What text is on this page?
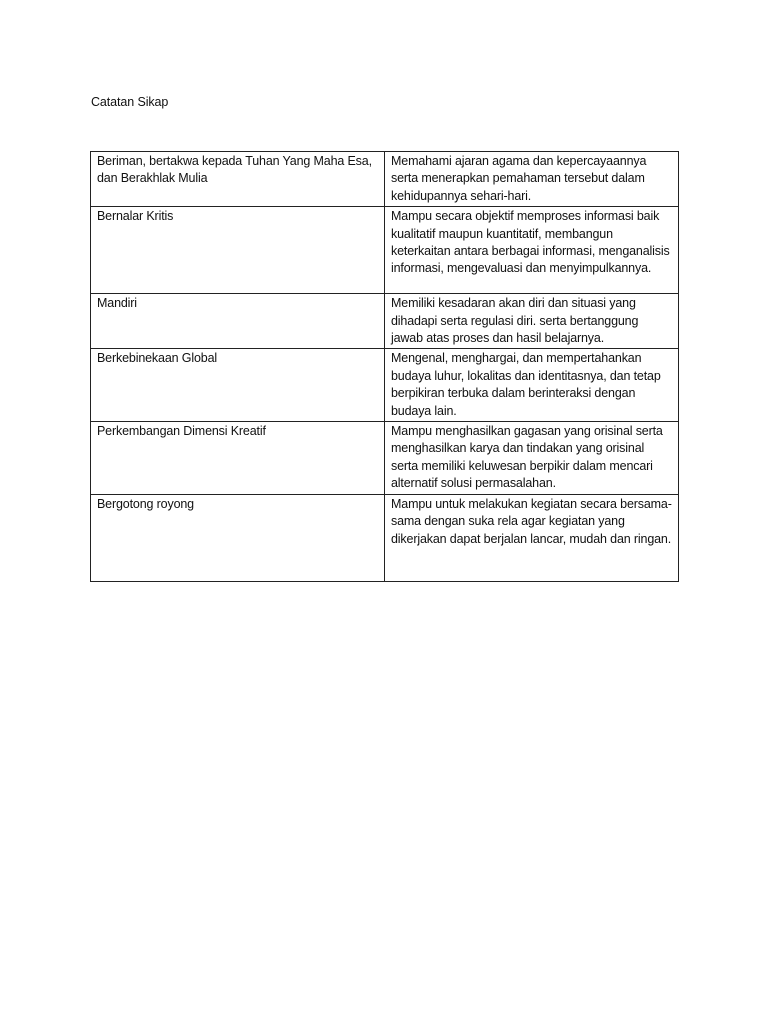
Catatan Sikap
Beriman, bertakwa kepada Tuhan Yang Maha Esa, dan Berakhlak Mulia	Memahami ajaran agama dan kepercayaannya serta menerapkan pemahaman tersebut dalam kehidupannya sehari-hari.
Bernalar Kritis	Mampu secara objektif memproses informasi baik kualitatif maupun kuantitatif, membangun keterkaitan antara berbagai informasi, menganalisis informasi, mengevaluasi dan menyimpulkannya.
Mandiri	Memiliki kesadaran akan diri dan situasi yang dihadapi serta regulasi diri. serta bertanggung jawab atas proses dan hasil belajarnya.
Berkebinekaan Global	Mengenal, menghargai, dan mempertahankan budaya luhur, lokalitas dan identitasnya, dan tetap berpikiran terbuka dalam berinteraksi dengan budaya lain.
Perkembangan Dimensi Kreatif	Mampu menghasilkan gagasan yang orisinal serta menghasilkan karya dan tindakan yang orisinal serta memiliki keluwesan berpikir dalam mencari alternatif solusi permasalahan.
Bergotong royong	Mampu untuk melakukan kegiatan secara bersama-sama dengan suka rela agar kegiatan yang dikerjakan dapat berjalan lancar, mudah dan ringan.
